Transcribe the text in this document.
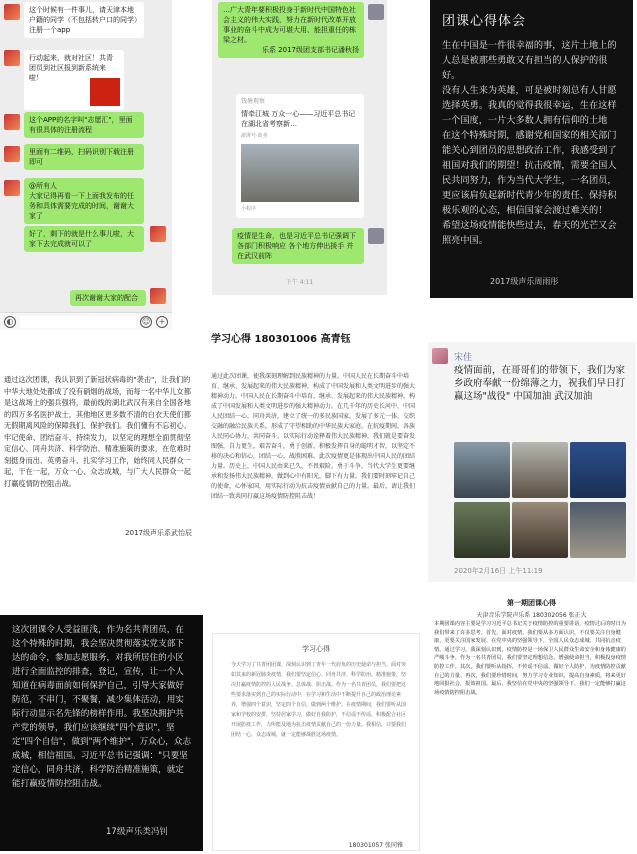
这个时候有一件事儿，请天津本地户籍的同学（不包括转户口的同学）注册一个app
行动起来，就对社区！共青团员到社区报到新系统来啦！
这个APP的名字叫"志愿汇"，里面有很具体的注册流程
里面有二维码，扫码识别下载注册即可
@所有人
大家记得再看一下上面我发布的任务和具体需要完成的时间，谢谢大家了
好了，剩下的就是什么事儿啦，大家下去完成就可以了
再次谢谢大家的配合
◐	☺	+
…广大青年要积极投身于新时代中国特色社会主义的伟大实践，努力在新时代改革开放事业的奋斗中成为可堪大用、能担重任的栋梁之材。

乐系 2017级团支部书记潘秋扬
钱塘观察
情牵江城 万众一心——习近平总书记在湖北省考察新…
澎湃号·政务
小程序
疫情是生命，也是习近平总书记强调下 各部门积极响应 各个地方伸出援手 并在武汉前阵
下午 4:11
团课心得体会
生在中国是一件很幸福的事，这片土地上的人总是被那些勇敢又有担当的人保护的很好。
没有人生来为英雄，可是被时刻总有人甘愿选择英勇。我真的觉得我很幸运，生在这样一个国度，一片大多数人拥有信仰的土地
在这个特殊时期，感谢党和国家的相关部门能关心到团员的思想政治工作，我感受到了祖国对我们的期望！抗击疫情，需要全国人民共同努力，作为当代大学生，一名团员，更应该肩负起新时代青少年的责任、保持积极乐观的心态，相信国家会渡过难关的！
希望这场疫情能快些过去，春天的光芒又会照亮中国。
2017级声乐周雨彤
通过这次团课，我认识到了新冠状病毒的"袭击"，让我们的中华大地处处都成了没有硝烟的战场，而每一名中华儿女都是这战场上的强兵强将，最前线的湖北武汉有来自全国各地的四万多名医护战士，其他地区更多数不清的白衣天使们都无假期离风险的保障我们、保护我们。我们懂有不忘初心、牢记使命、团结奋斗、持续发力，以坚定的理想全面贯彻坚定信心、同舟共济、科学防治、精准施策的要求，在危难时刻挺身而出、英勇奋斗、扎实学习工作，始终同人民群众一起，干在一起，万众一心、众志成城，与广大人民群众一起打赢疫情防控阻击战。
2017级声乐系武怡辰
学习心得 180301006 高青钰
通过此次团课，使我深刻理解到民族精神的力量。中国人民在长期奋斗中培育、继承、发展起来的伟大民族精神，构成了中国发展和人类文明进步的强大精神动力。中国人民在长期奋斗中培育、继承、发展起来的伟大民族精神，构成了中国发展和人类文明进步的强大精神动力。在几千年的历史长河中，中国人民团结一心，同舟共济，建立了统一的多民族国家，发展了多元一体、交织交融的融洽民族关系，形成了守望相助的中华民族大家庭。在抗疫期间，各族人民同心协力，共同奋斗，以实际行动诠释着伟大民族精神，我们就是要奋发图强，自力更生，艰苦奋斗，勇于创新，积极发挥自身的聪明才智，以坚定不移的决心和信心，团结一心，战胜困难。此次疫情更是体现出中国人民的团结力量。历史上，中国人民由来已久，不畏艰险，勇于斗争。当代大学生更要继承和发扬伟大民族精神，做到心中有阳光，脚下有力量。我们要时刻牢记自己的使命，心怀家国，用实际行动为抗击疫情贡献自己的力量。最后，请让我们团结一致共同打赢这场疫情防控阻击战！
宋佳
疫情面前，在哥哥们的带领下，我们为家乡政府奉献一份绵薄之力，祝我们早日打赢这场"战役" 中国加油 武汉加油
2020年2月16日 上午11:19
这次团课令人受益匪浅，作为名共青团员，在这个特殊的时期，我会坚决贯彻落实党支部下达的命令，参加志愿服务，对我所居住的小区进行全面监控的排查，登记，宣传，让一个人知道在病毒面前如何保护自己，引导大家做好防范，不串门，不聚餐，减少集体活动，用实际行动显示名先锋的榜样作用。我坚决拥护共产党的领导，我们应该继续"四个意识"，坚定"四个自信"，做到"两个维护"，万众心，众志成城，相信祖国。习近平总书记强调："只要坚定信心，同舟共济，科学防治精准施策，就定能打赢疫情防控阻击战。
17级声乐类冯钊
学习心得
今天学习了共青团团课，深刻认识到了青年一代肩负的历史使命与担当。面对突如其来的新冠肺炎疫情，我们要坚定信心、同舟共济、科学防治、精准施策，坚决打赢疫情防控的人民战争、总体战、阻击战。作为一名共青团员，我们要把这些要求落实到自己的实际行动中，在学习和生活中不断提升自己的政治理论素养，增强四个意识，坚定四个自信，做到两个维护。在疫情期间，我们要听从国家和学校的安排，坚持居家学习，做好自我防护，不信谣不传谣，积极配合社区开展防疫工作，力所能及地为抗击疫情贡献自己的一份力量。我相信，只要我们团结一心，众志成城，就一定能够战胜这场疫情。
180301057 张同雅
第一期团课心得
天津音乐学院声乐系 180302056 张正大
本期团课内容主要是学习习近平总书记关于疫情防控的重要讲话，疫情过后的时日为我们带来了许多思考。首先，面对疫情，我们要从多方面认识，不仅要关注自身健康，更要关注国家发展。在党中央的坚强领导下，全国人民众志成城，共同抗击疫情。通过学习，我深刻认识到，疫情防控是一场保卫人民群众生命安全和身体健康的严峻斗争。作为一名共青团员，我们要坚定理想信念，增强使命担当，积极投身疫情防控工作。其次，我们要听从指挥，不传谣不信谣，做好个人防护，为疫情防控贡献自己的力量。再次，我们要珍惜时间，努力学习专业知识，提高自身素质，将来更好地回报社会，报效祖国。最后，我坚信在党中央的坚强领导下，我们一定能够打赢这场疫情防控阻击战。
